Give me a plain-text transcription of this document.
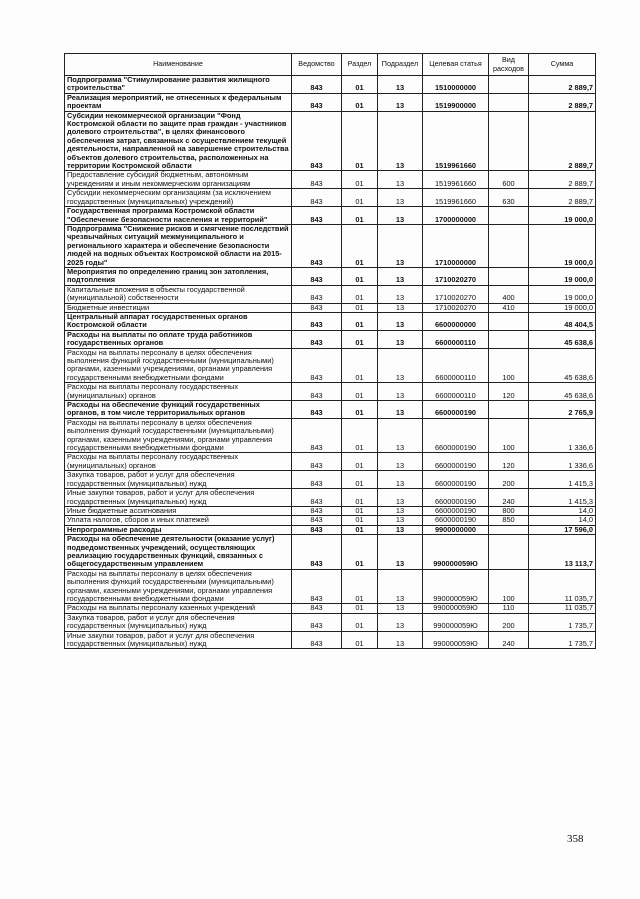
Наименование	Ведомство	Раздел	Подраздел	Целевая статья	Вид расходов	Сумма
Подпрограмма "Стимулирование развития жилищного строительства"	843	01	13	1510000000		2 889,7
Реализация мероприятий, не отнесенных к федеральным проектам	843	01	13	1519900000		2 889,7
Субсидии некоммерческой организации "Фонд Костромской области по защите прав граждан - участников долевого строительства", в целях финансового обеспечения затрат, связанных с осуществлением текущей деятельности, направленной на завершение строительства объектов долевого строительства, расположенных на территории Костромской области	843	01	13	1519961660		2 889,7
Предоставление субсидий бюджетным, автономным учреждениям и иным некоммерческим организациям	843	01	13	1519961660	600	2 889,7
Субсидии некоммерческим организациям (за исключением государственных (муниципальных) учреждений)	843	01	13	1519961660	630	2 889,7
Государственная программа Костромской области "Обеспечение безопасности населения и территорий"	843	01	13	1700000000		19 000,0
Подпрограмма "Снижение рисков и смягчение последствий чрезвычайных ситуаций межмуниципального и регионального характера и обеспечение безопасности людей на водных объектах Костромской области на 2015-2025 годы"	843	01	13	1710000000		19 000,0
Мероприятия по определению границ зон затопления, подтопления	843	01	13	1710020270		19 000,0
Капитальные вложения в объекты государственной (муниципальной) собственности	843	01	13	1710020270	400	19 000,0
Бюджетные инвестиции	843	01	13	1710020270	410	19 000,0
Центральный аппарат государственных органов Костромской области	843	01	13	6600000000		48 404,5
Расходы на выплаты по оплате труда работников государственных органов	843	01	13	6600000110		45 638,6
Расходы на выплаты персоналу в целях обеспечения выполнения функций государственными (муниципальными) органами, казенными учреждениями, органами управления государственными внебюджетными фондами	843	01	13	6600000110	100	45 638,6
Расходы на выплаты персоналу государственных (муниципальных) органов	843	01	13	6600000110	120	45 638,6
Расходы на обеспечение функций государственных органов, в том числе территориальных органов	843	01	13	6600000190		2 765,9
Расходы на выплаты персоналу в целях обеспечения выполнения функций государственными (муниципальными) органами, казенными учреждениями, органами управления государственными внебюджетными фондами	843	01	13	6600000190	100	1 336,6
Расходы на выплаты персоналу государственных (муниципальных) органов	843	01	13	6600000190	120	1 336,6
Закупка товаров, работ и услуг для обеспечения государственных (муниципальных) нужд	843	01	13	6600000190	200	1 415,3
Иные закупки товаров, работ и услуг для обеспечения государственных (муниципальных) нужд	843	01	13	6600000190	240	1 415,3
Иные бюджетные ассигнования	843	01	13	6600000190	800	14,0
Уплата налогов, сборов и иных платежей	843	01	13	6600000190	850	14,0
Непрограммные расходы	843	01	13	9900000000		17 596,0
Расходы на обеспечение деятельности (оказание услуг) подведомственных учреждений, осуществляющих реализацию государственных функций, связанных с общегосударственным управлением	843	01	13	990000059Ю		13 113,7
Расходы на выплаты персоналу в целях обеспечения выполнения функций государственными (муниципальными) органами, казенными учреждениями, органами управления государственными внебюджетными фондами	843	01	13	990000059Ю	100	11 035,7
Расходы на выплаты персоналу казенных учреждений	843	01	13	990000059Ю	110	11 035,7
Закупка товаров, работ и услуг для обеспечения государственных (муниципальных) нужд	843	01	13	990000059Ю	200	1 735,7
Иные закупки товаров, работ и услуг для обеспечения государственных (муниципальных) нужд	843	01	13	990000059Ю	240	1 735,7
358
